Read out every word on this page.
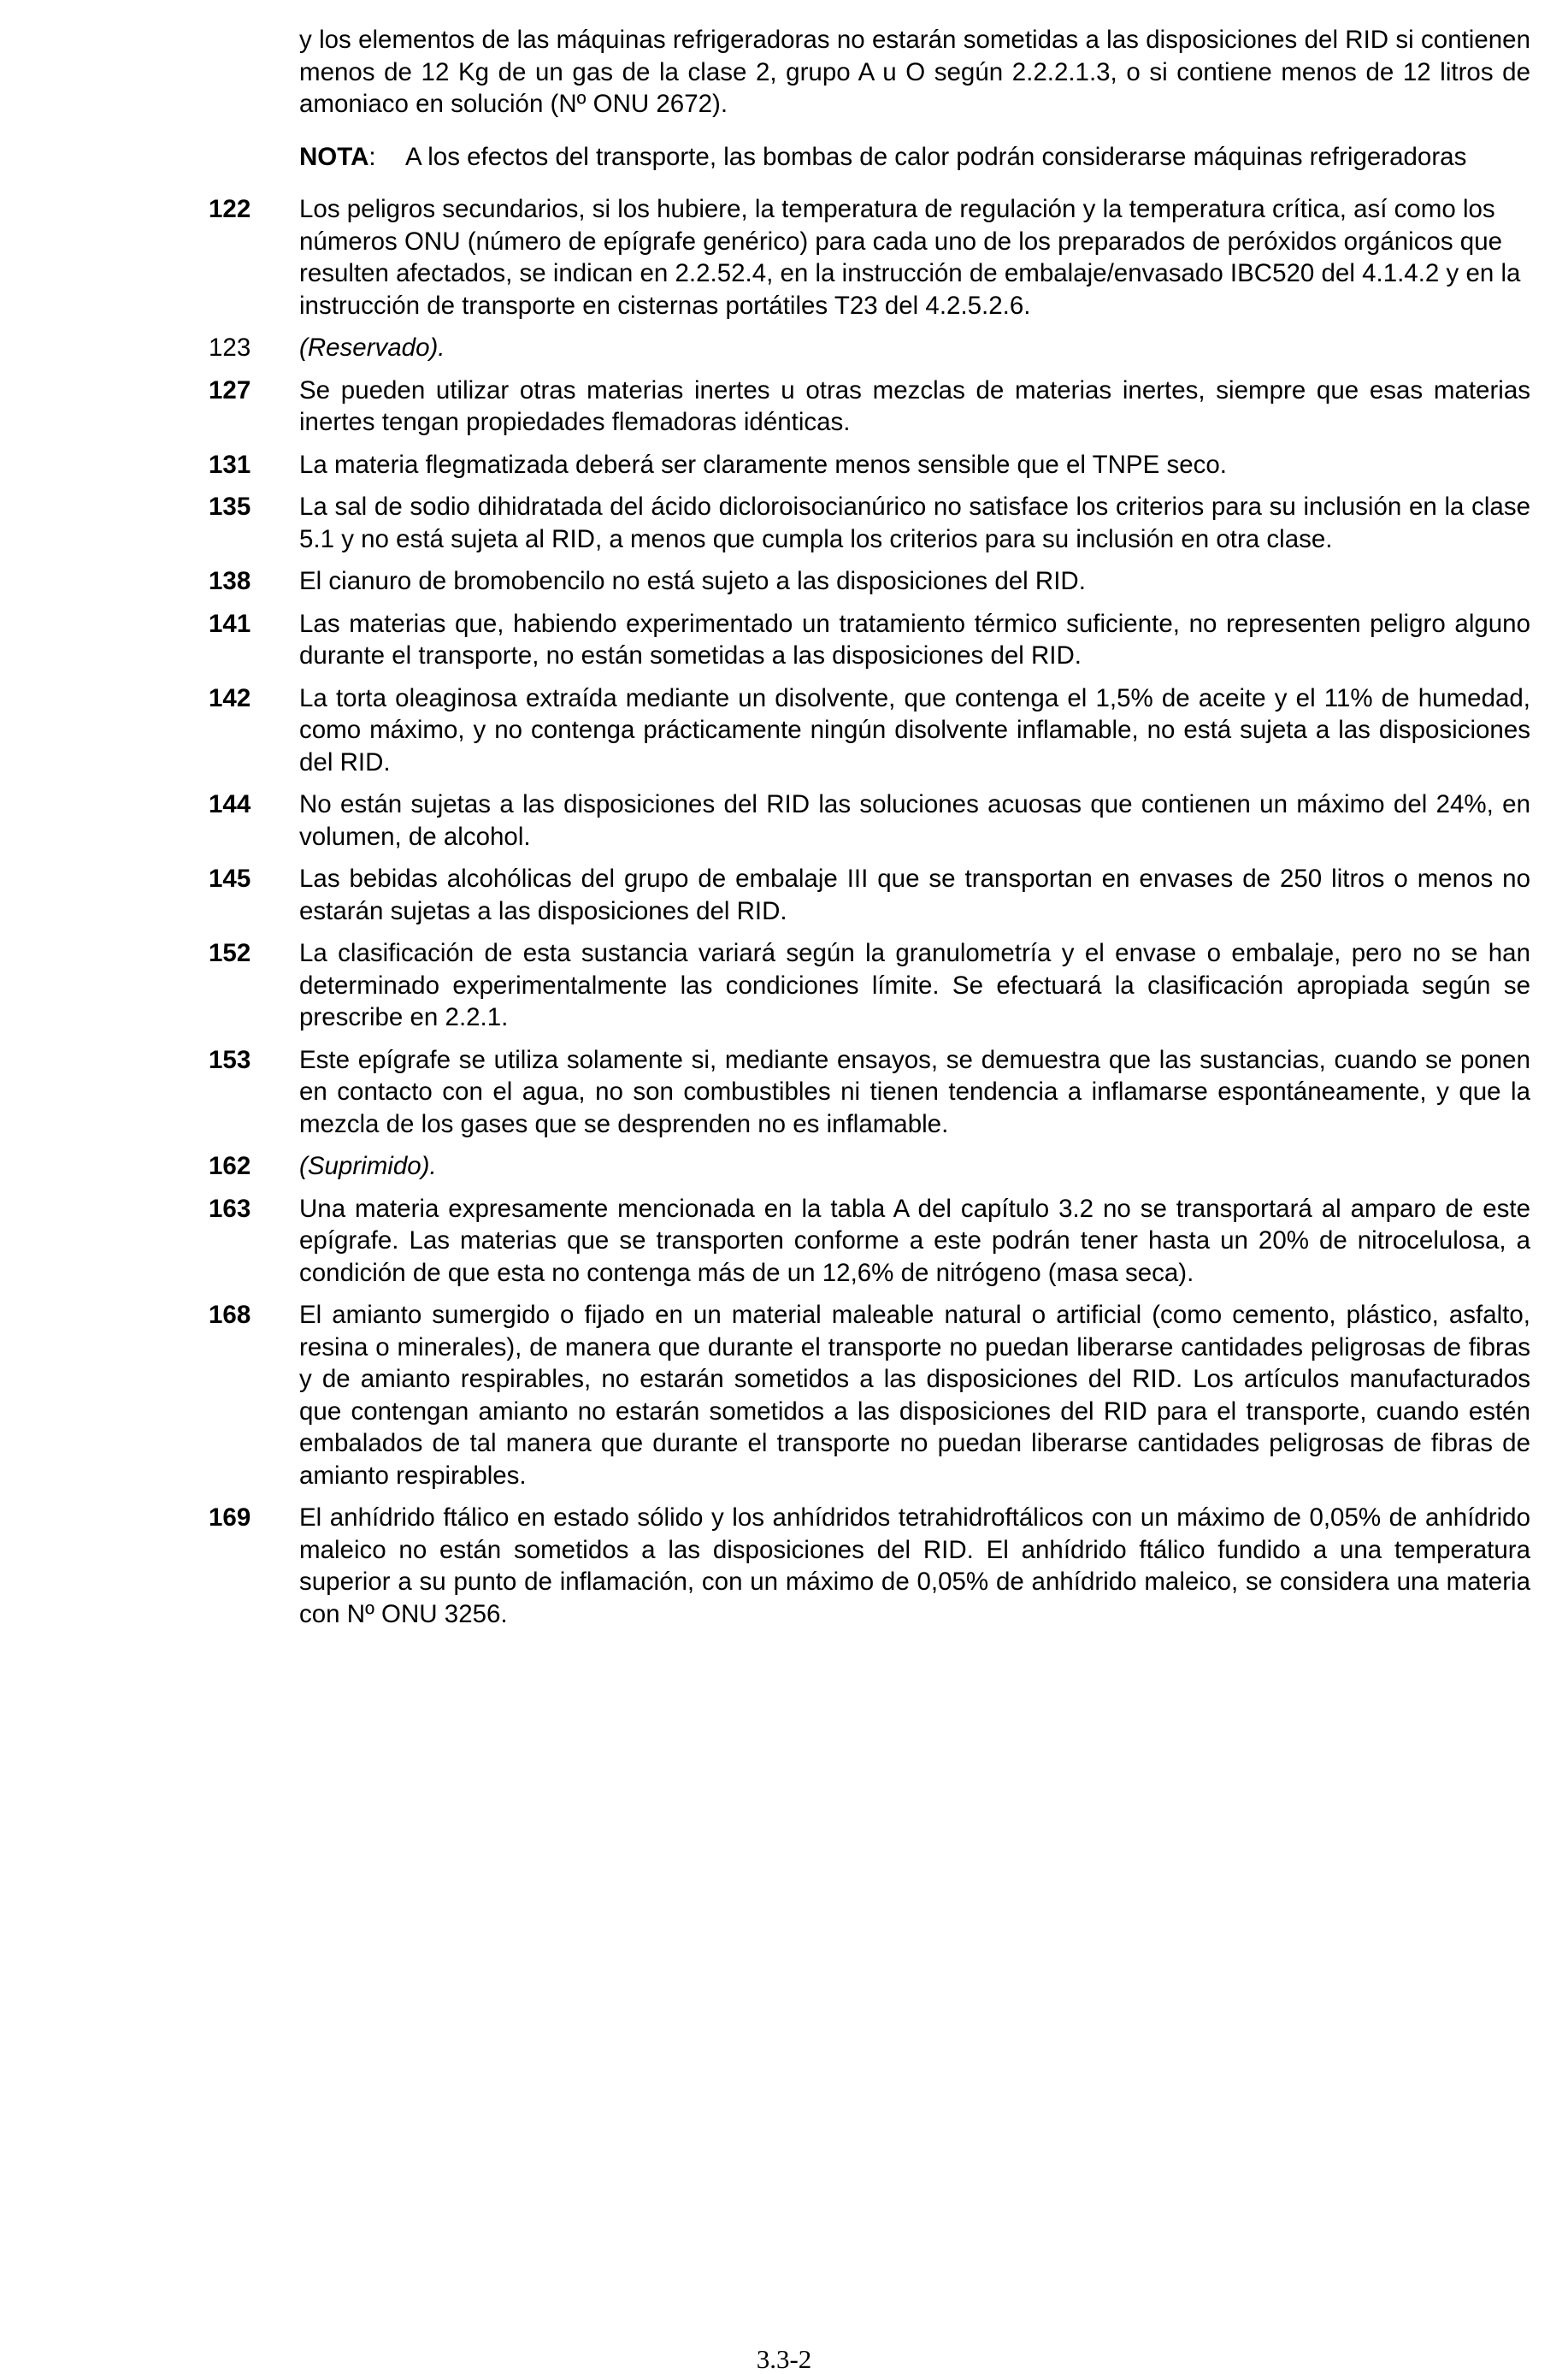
y los elementos de las máquinas refrigeradoras no estarán sometidas a las disposiciones del RID si contienen menos de 12 Kg de un gas de la clase 2, grupo A u O según 2.2.2.1.3, o si contiene menos de 12 litros de amoniaco en solución (Nº ONU 2672).
NOTA:	A los efectos del transporte, las bombas de calor podrán considerarse máquinas refrigeradoras
122	Los peligros secundarios, si los hubiere, la temperatura de regulación y la temperatura crítica, así como los números ONU (número de epígrafe genérico) para cada uno de los preparados de peróxidos orgánicos que resulten afectados, se indican en 2.2.52.4, en la instrucción de embalaje/envasado IBC520 del 4.1.4.2 y en la instrucción de transporte en cisternas portátiles T23 del 4.2.5.2.6.
123	(Reservado).
127	Se pueden utilizar otras materias inertes u otras mezclas de materias inertes, siempre que esas materias inertes tengan propiedades flemadoras idénticas.
131	La materia flegmatizada deberá ser claramente menos sensible que el TNPE seco.
135	La sal de sodio dihidratada del ácido dicloroisocianúrico no satisface los criterios para su inclusión en la clase 5.1 y no está sujeta al RID, a menos que cumpla los criterios para su inclusión en otra clase.
138	El cianuro de bromobencilo no está sujeto a las disposiciones del RID.
141	Las materias que, habiendo experimentado un tratamiento térmico suficiente, no representen peligro alguno durante el transporte, no están sometidas a las disposiciones del RID.
142	La torta oleaginosa extraída mediante un disolvente, que contenga el 1,5% de aceite y el 11% de humedad, como máximo, y no contenga prácticamente ningún disolvente inflamable, no está sujeta a las disposiciones del RID.
144	No están sujetas a las disposiciones del RID las soluciones acuosas que contienen un máximo del 24%, en volumen, de alcohol.
145	Las bebidas alcohólicas del grupo de embalaje III que se transportan en envases de 250 litros o menos no estarán sujetas a las disposiciones del RID.
152	La clasificación de esta sustancia variará según la granulometría y el envase o embalaje, pero no se han determinado experimentalmente las condiciones límite. Se efectuará la clasificación apropiada según se prescribe en 2.2.1.
153	Este epígrafe se utiliza solamente si, mediante ensayos, se demuestra que las sustancias, cuando se ponen en contacto con el agua, no son combustibles ni tienen tendencia a inflamarse espontáneamente, y que la mezcla de los gases que se desprenden no es inflamable.
162	(Suprimido).
163	Una materia expresamente mencionada en la tabla A del capítulo 3.2 no se transportará al amparo de este epígrafe. Las materias que se transporten conforme a este podrán tener hasta un 20% de nitrocelulosa, a condición de que esta no contenga más de un 12,6% de nitrógeno (masa seca).
168	El amianto sumergido o fijado en un material maleable natural o artificial (como cemento, plástico, asfalto, resina o minerales), de manera que durante el transporte no puedan liberarse cantidades peligrosas de fibras y de amianto respirables, no estarán sometidos a las disposiciones del RID. Los artículos manufacturados que contengan amianto no estarán sometidos a las disposiciones del RID para el transporte, cuando estén embalados de tal manera que durante el transporte no puedan liberarse cantidades peligrosas de fibras de amianto respirables.
169	El anhídrido ftálico en estado sólido y los anhídridos tetrahidroftálicos con un máximo de 0,05% de anhídrido maleico no están sometidos a las disposiciones del RID. El anhídrido ftálico fundido a una temperatura superior a su punto de inflamación, con un máximo de 0,05% de anhídrido maleico, se considera una materia con Nº ONU 3256.
3.3-2
